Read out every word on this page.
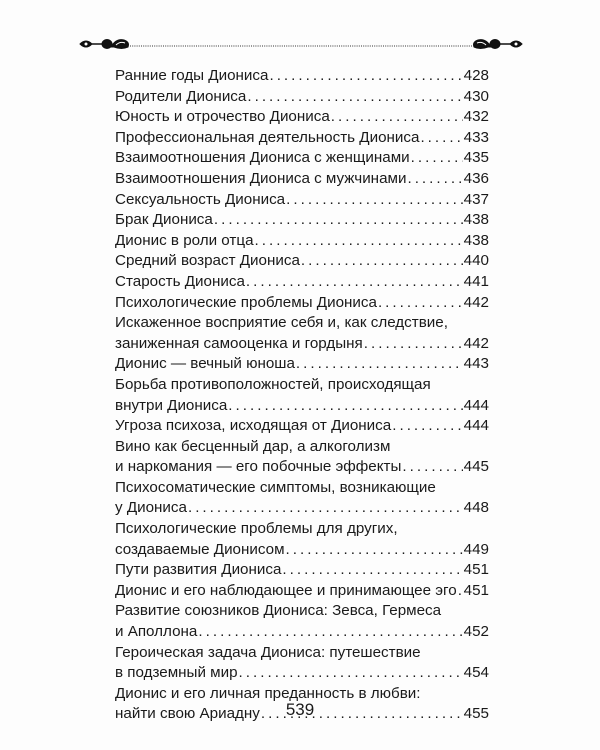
Ранние годы Диониса . . .	428
Родители Диониса . . .	430
Юность и отрочество Диониса . . .	432
Профессиональная деятельность Диониса . . .	433
Взаимоотношения Диониса с женщинами . . .	435
Взаимоотношения Диониса с мужчинами . . .	436
Сексуальность Диониса . . .	437
Брак Диониса . . .	438
Дионис в роли отца . . .	438
Средний возраст Диониса . . .	440
Старость Диониса . . .	441
Психологические проблемы Диониса . . .	442
Искаженное восприятие себя и, как следствие,
заниженная самооценка и гордыня . . .	442
Дионис — вечный юноша . . .	443
Борьба противоположностей, происходящая
внутри Диониса . . .	444
Угроза психоза, исходящая от Диониса . . .	444
Вино как бесценный дар, а алкоголизм
и наркомания — его побочные эффекты . . .	445
Психосоматические симптомы, возникающие
у Диониса . . .	448
Психологические проблемы для других,
создаваемые Дионисом . . .	449
Пути развития Диониса . . .	451
Дионис и его наблюдающее и принимающее эго . . . 451
Развитие союзников Диониса: Зевса, Гермеса
и Аполлона . . .	452
Героическая задача Диониса: путешествие
в подземный мир . . .	454
Дионис и его личная преданность в любви:
найти свою Ариадну . . .	455
539
